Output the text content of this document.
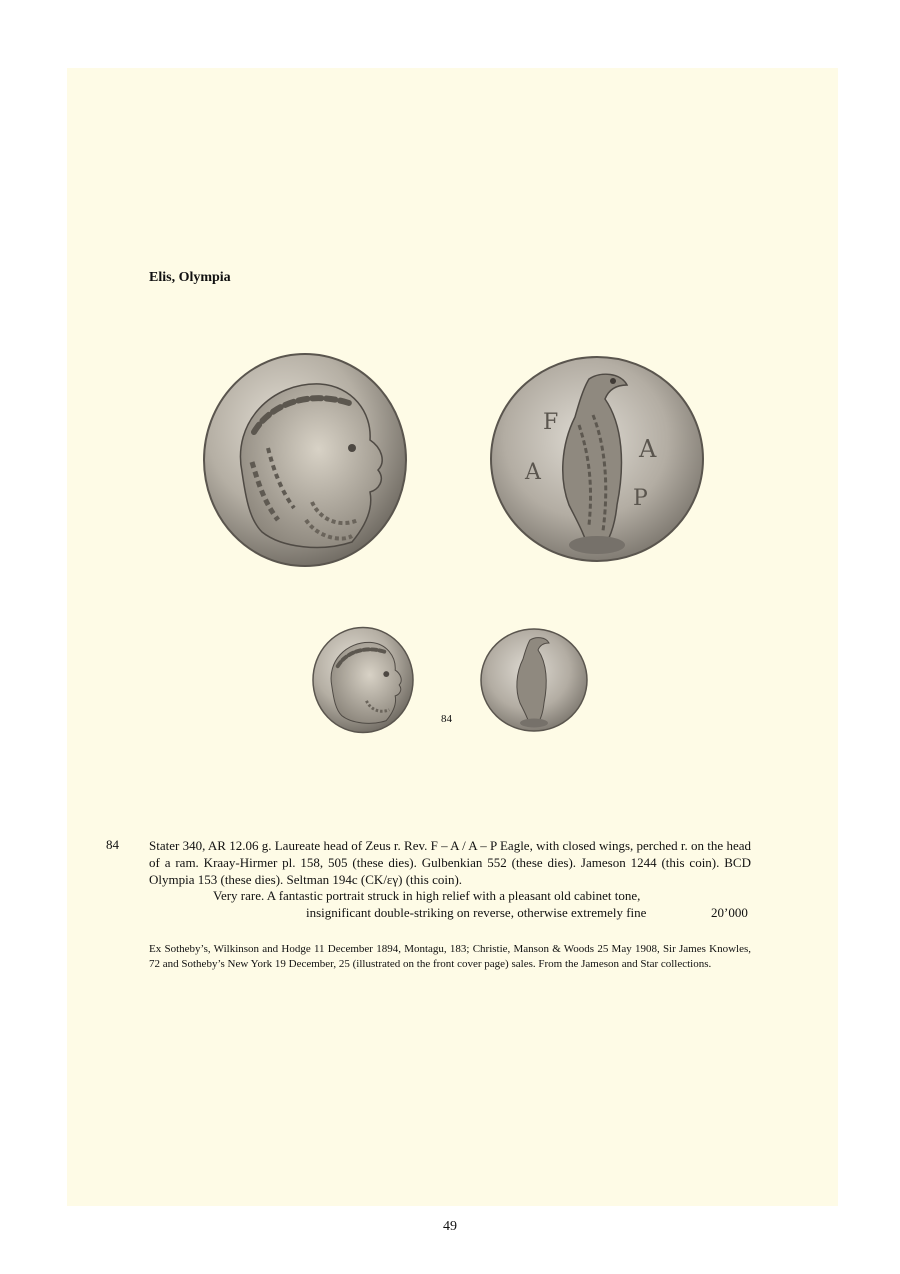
Elis, Olympia
F
A
A
P
84
84 Stater 340, AR 12.06 g. Laureate head of Zeus r. Rev. F – A / A – P Eagle, with closed wings, perched r. on the head of a ram. Kraay-Hirmer pl. 158, 505 (these dies). Gulbenkian 552 (these dies). Jameson 1244 (this coin). BCD Olympia 153 (these dies). Seltman 194c (CK/εγ) (this coin).
Very rare. A fantastic portrait struck in high relief with a pleasant old cabinet tone,
insignificant double-striking on reverse, otherwise extremely fine	20’000
Ex Sotheby’s, Wilkinson and Hodge 11 December 1894, Montagu, 183; Christie, Manson & Woods 25 May 1908, Sir James Knowles, 72 and Sotheby’s New York 19 December, 25 (illustrated on the front cover page) sales. From the Jameson and Star collections.
49
